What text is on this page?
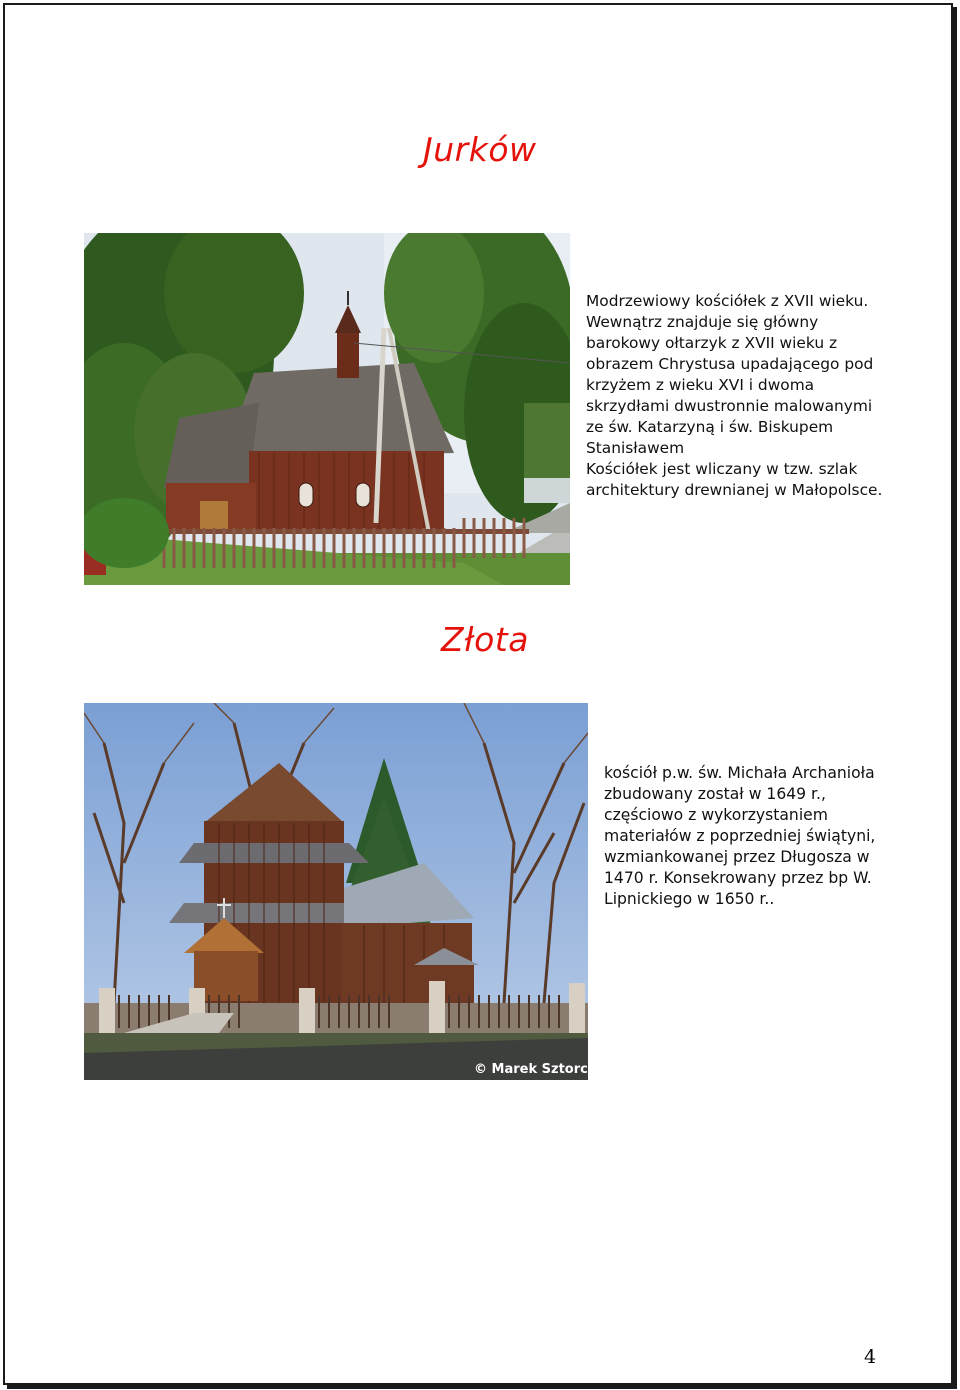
Jurków

Modrzewiowy kościółek z XVII wieku. Wewnątrz znajduje się główny barokowy ołtarzyk z XVII wieku z obrazem Chrystusa upadającego pod krzyżem z wieku XVI i dwoma skrzydłami dwustronnie malowanymi ze św. Katarzyną i św. Biskupem Stanisławem

Kościółek jest wliczany w tzw. szlak architektury drewnianej w Małopolsce.

Złota
© Marek Sztorc

kościół p.w. św. Michała Archanioła zbudowany został w 1649 r., częściowo z wykorzystaniem materiałów z poprzedniej świątyni, wzmiankowanej przez Długosza w 1470 r. Konsekrowany przez bp W. Lipnickiego w 1650 r..

4
